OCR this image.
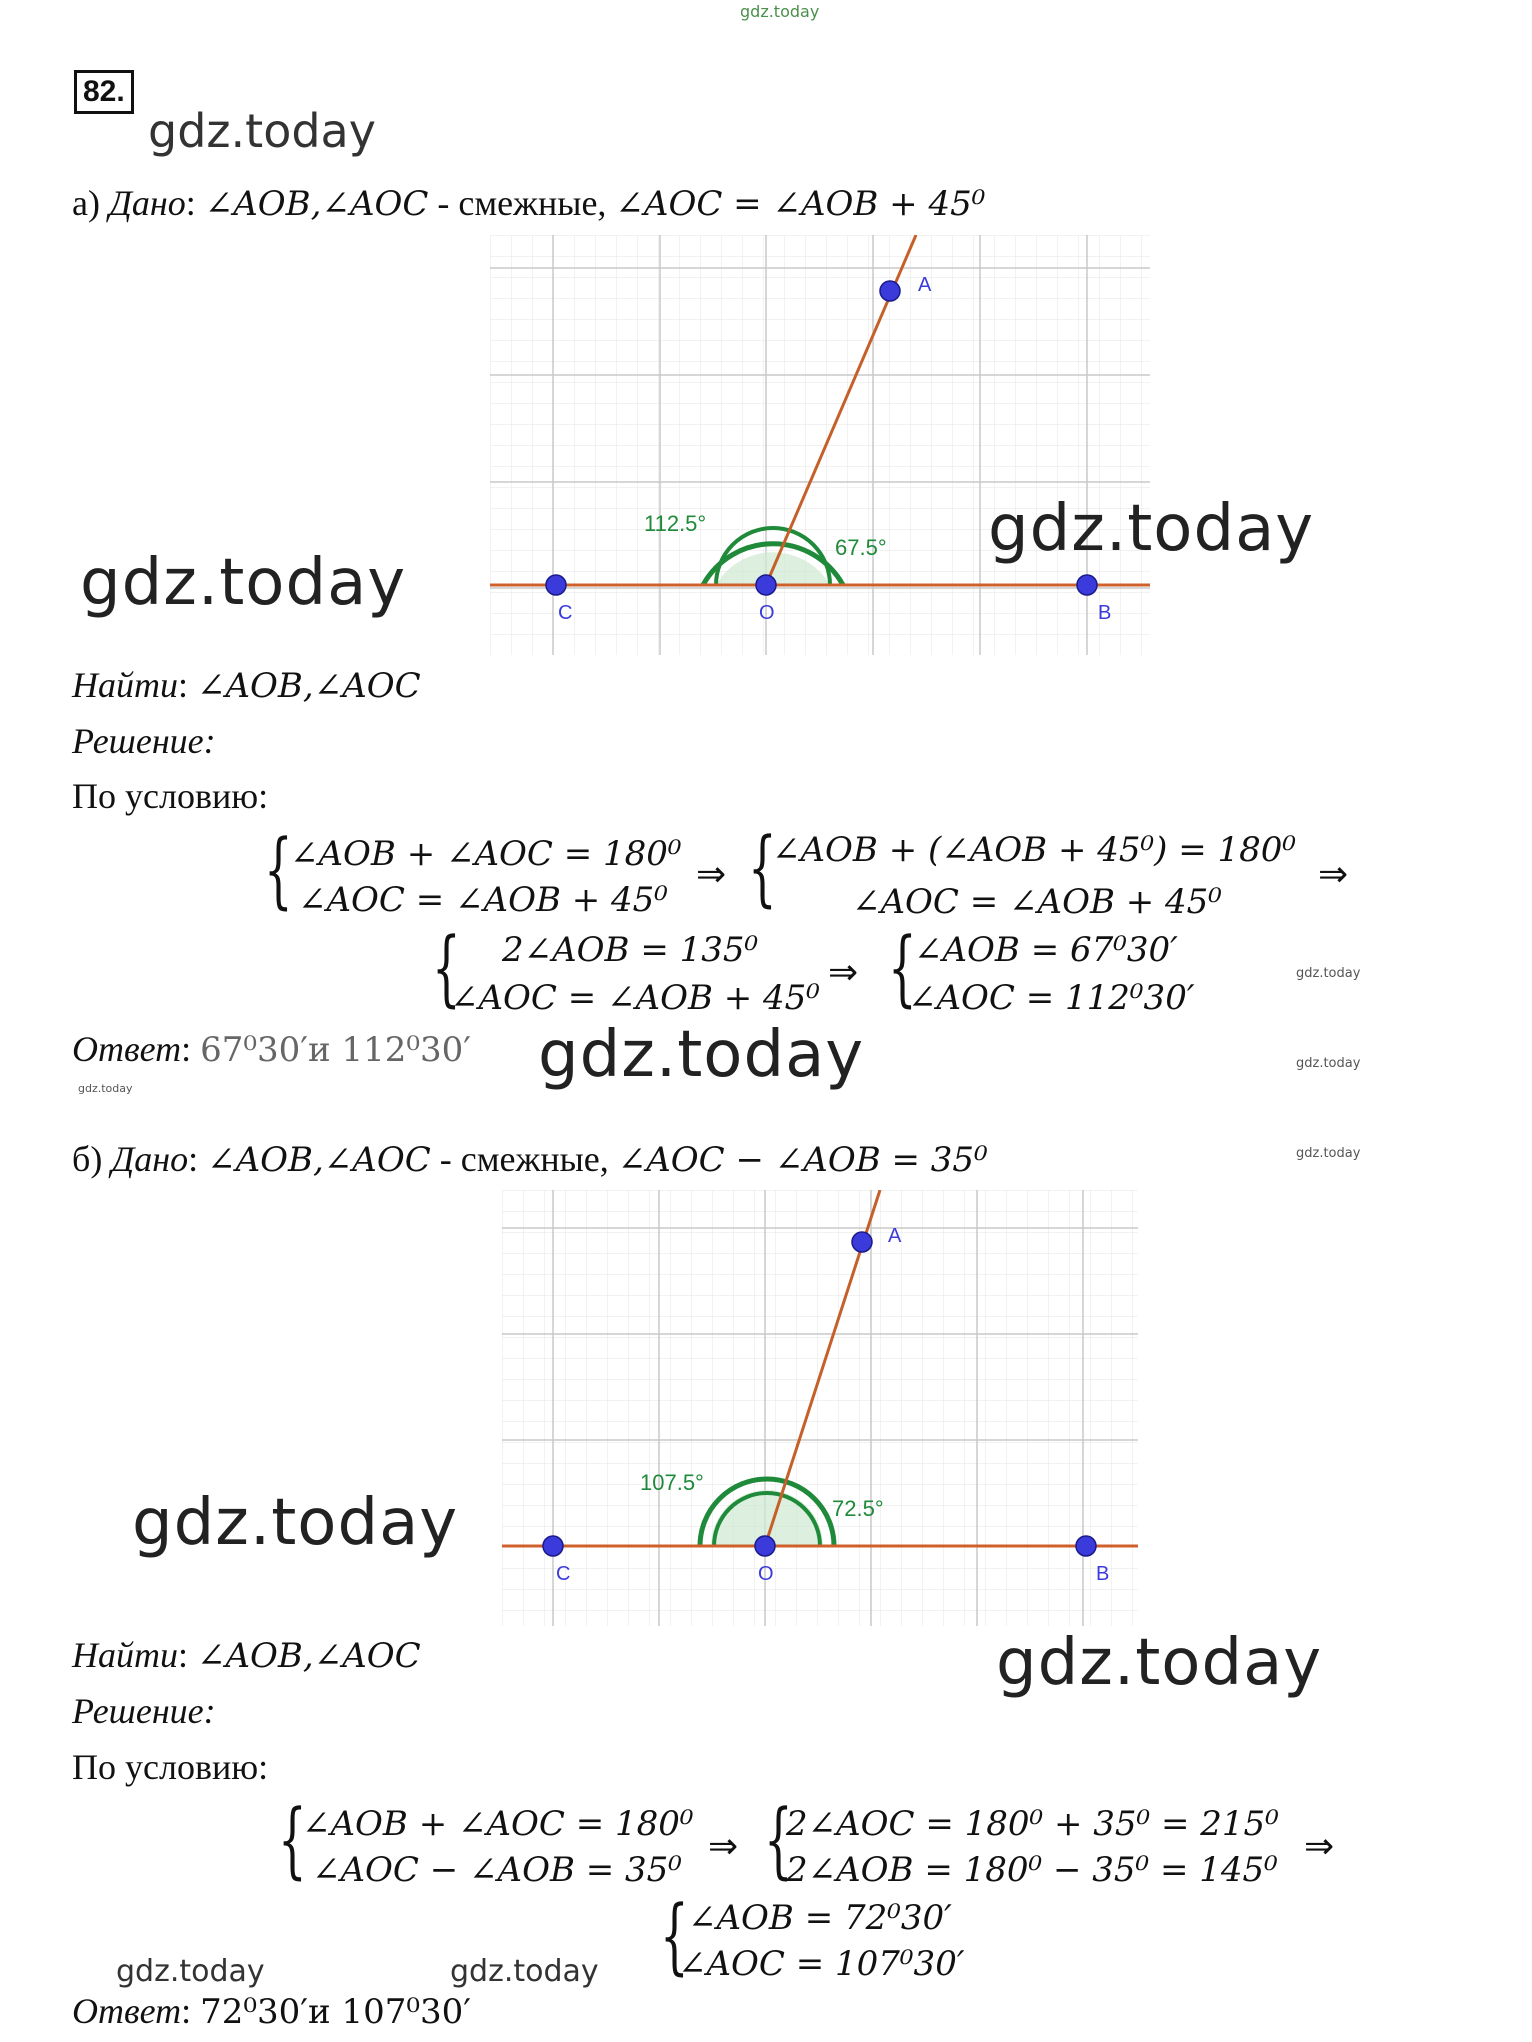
gdz.today
82.
gdz.today
а) Дано: ∠AOB,∠AOC - смежные, ∠AOC = ∠AOB + 45⁰
A
B
C	O
112.5°
67.5°
gdz.today
gdz.today
Найти: ∠AOB,∠AOC
Решение:
По условию:
{
∠AOB + ∠AOC = 180⁰
∠AOC = ∠AOB + 45⁰
⇒ {
∠AOB + (∠AOB + 45⁰) = 180⁰
∠AOC = ∠AOB + 45⁰
⇒
{ 2∠AOB = 135⁰
∠AOC = ∠AOB + 45⁰
⇒ {
∠AOB = 67⁰30′
∠AOC = 112⁰30′
gdz.today
Ответ: 67⁰30′и 112⁰30′ gdz.today
gdz.today
gdz.today
б) Дано: ∠AOB,∠AOC - смежные, ∠AOC − ∠AOB = 35⁰	gdz.today
A
B
C	O
107.5°
72.5°
gdz.today
gdz.today
Найти: ∠AOB,∠AOC
Решение:
По условию:
{
∠AOB + ∠AOC = 180⁰
∠AOC − ∠AOB = 35⁰
⇒ {
2∠AOC = 180⁰ + 35⁰ = 215⁰
2∠AOB = 180⁰ − 35⁰ = 145⁰
⇒
{ ∠AOB = 72⁰30′
∠AOC = 107⁰30′
gdz.today	gdz.today
Ответ: 72⁰30′и 107⁰30′
